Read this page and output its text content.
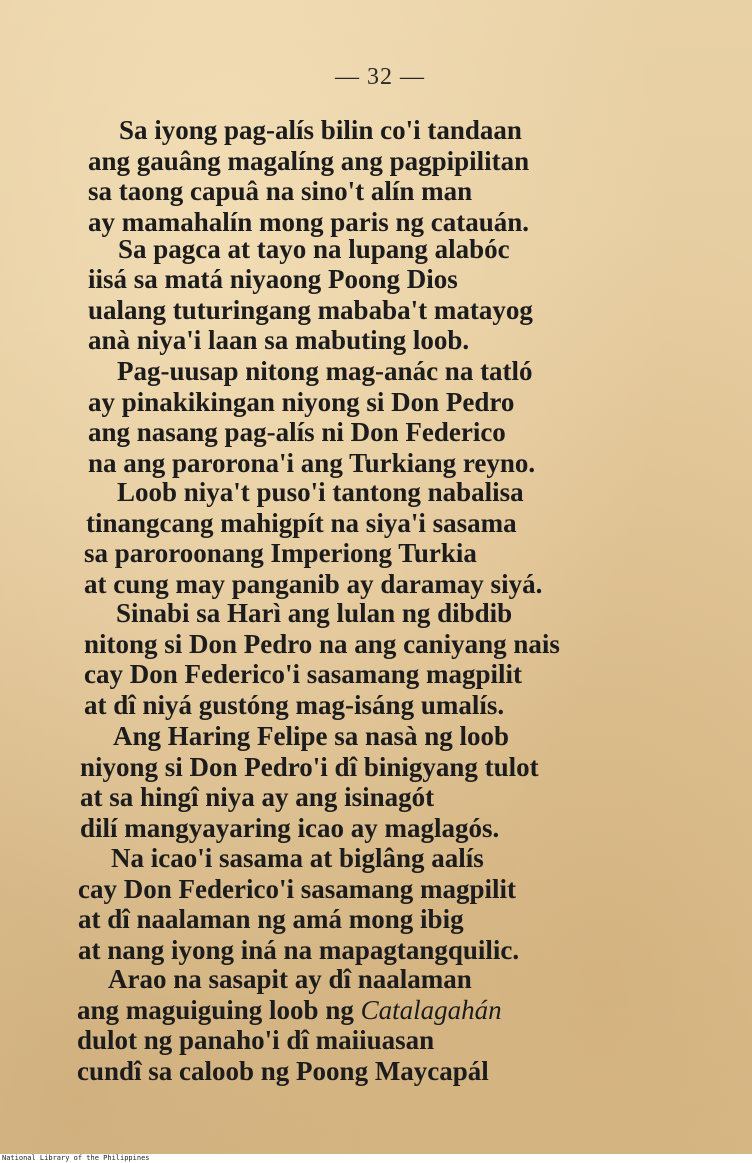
— 32 —
Sa iyong pag-alís bilin co'i tandaan
ang gauâng magalíng ang pagpipilitan
sa taong capuâ na sino't alín man
ay mamahalín mong paris ng catauán.
Sa pagca at tayo na lupang alabóc
iisá sa matá niyaong Poong Dios
ualang tuturingang mababa't matayog
anà niya'i laan sa mabuting loob.
Pag-uusap nitong mag-anác na tatló
ay pinakikingan niyong si Don Pedro
ang nasang pag-alís ni Don Federico
na ang parorona'i ang Turkiang reyno.
Loob niya't puso'i tantong nabalisa
tinangcang mahigpít na siya'i sasama
sa paroroonang Imperiong Turkia
at cung may panganib ay daramay siyá.
Sinabi sa Harì ang lulan ng dibdib
nitong si Don Pedro na ang caniyang nais
cay Don Federico'i sasamang magpilit
at dî niyá gustóng mag-isáng umalís.
Ang Haring Felipe sa nasà ng loob
niyong si Don Pedro'i dî binigyang tulot
at sa hingî niya ay ang isinagót
dilí mangyayaring icao ay maglagós.
Na icao'i sasama at biglâng aalís
cay Don Federico'i sasamang magpilit
at dî naalaman ng amá mong ibig
at nang iyong iná na mapagtangquilic.
Arao na sasapit ay dî naalaman
ang maguiguing loob ng Catalagahán
dulot ng panaho'i dî maiiuasan
cundî sa caloob ng Poong Maycapál
National Library of the Philippines
